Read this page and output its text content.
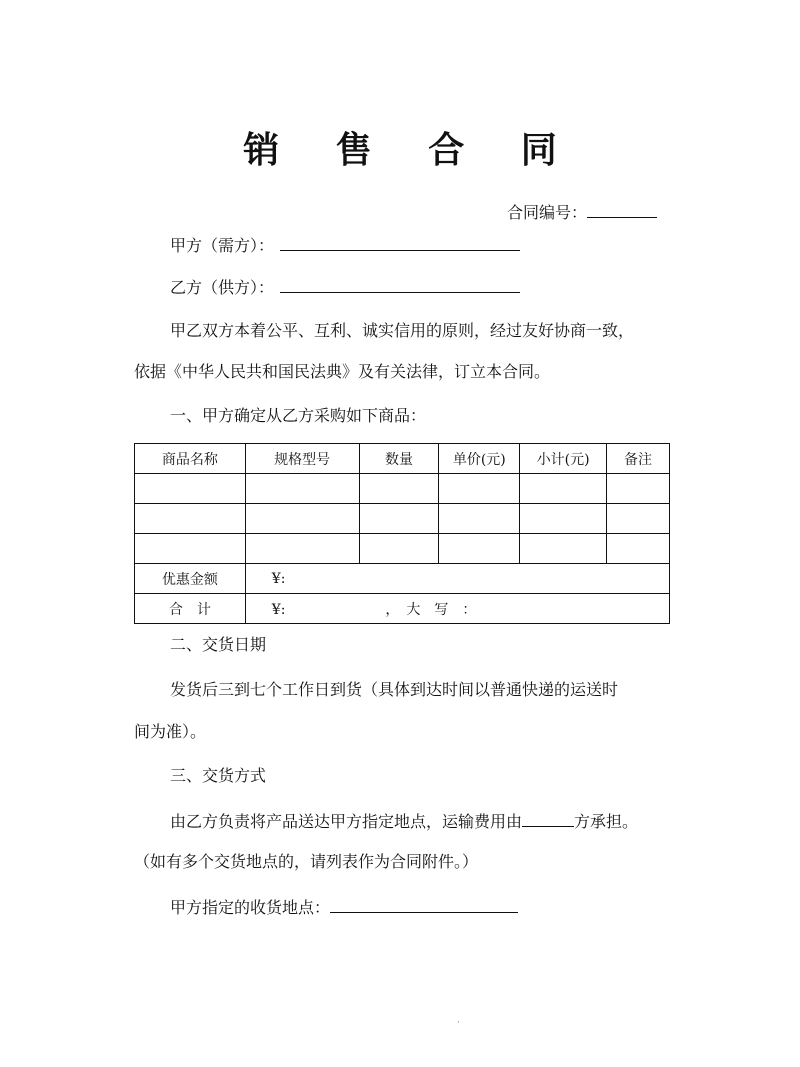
销 售 合 同
合同编号：
甲方（需方）：
乙方（供方）：
甲乙双方本着公平、互利、诚实信用的原则，经过友好协商一致，
依据《中华人民共和国民法典》及有关法律，订立本合同。
一、甲方确定从乙方采购如下商品：
商品名称	规格型号	数量	单价(元)	小计(元)	备注

优惠金额	¥:				
合　计	¥: ，　大　写　：				
二、交货日期
发货后三到七个工作日到货（具体到达时间以普通快递的运送时
间为准）。
三、交货方式
由乙方负责将产品送达甲方指定地点，运输费用由	方承担。
（如有多个交货地点的，请列表作为合同附件。）
甲方指定的收货地点：
·
